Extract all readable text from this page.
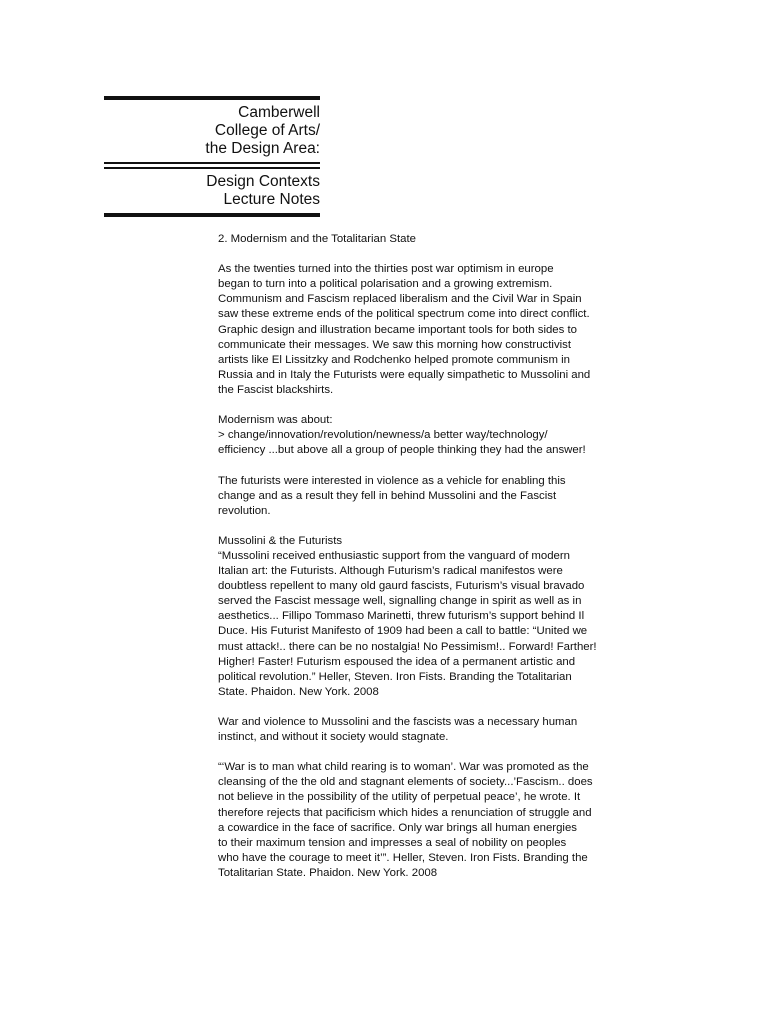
Camberwell
College of Arts/
the Design Area:
Design Contexts
Lecture Notes

2. Modernism and the Totalitarian State

As the twenties turned into the thirties post war optimism in europe
began to turn into a political polarisation and a growing extremism.
Communism and Fascism replaced liberalism and the Civil War in Spain
saw these extreme ends of the political spectrum come into direct conflict.
Graphic design and illustration became important tools for both sides to
communicate their messages. We saw this morning how constructivist
artists like El Lissitzky and Rodchenko helped promote communism in
Russia and in Italy the Futurists were equally simpathetic to Mussolini and
the Fascist blackshirts.

Modernism was about:
> change/innovation/revolution/newness/a better way/technology/
efficiency ...but above all a group of people thinking they had the answer!

The futurists were interested in violence as a vehicle for enabling this
change and as a result they fell in behind Mussolini and the Fascist
revolution.

Mussolini & the Futurists
“Mussolini received enthusiastic support from the vanguard of modern
Italian art: the Futurists. Although Futurism’s radical manifestos were
doubtless repellent to many old gaurd fascists, Futurism’s visual bravado
served the Fascist message well, signalling change in spirit as well as in
aesthetics... Fillipo Tommaso Marinetti, threw futurism’s support behind Il
Duce. His Futurist Manifesto of 1909 had been a call to battle: “United we
must attack!.. there can be no nostalgia! No Pessimism!.. Forward! Farther!
Higher! Faster! Futurism espoused the idea of a permanent artistic and
political revolution.” Heller, Steven. Iron Fists. Branding the Totalitarian
State. Phaidon. New York. 2008

War and violence to Mussolini and the fascists was a necessary human
instinct, and without it society would stagnate.

“‘War is to man what child rearing is to woman’. War was promoted as the
cleansing of the the old and stagnant elements of society...’Fascism.. does
not believe in the possibility of the utility of perpetual peace’, he wrote. It
therefore rejects that pacificism which hides a renunciation of struggle and
a cowardice in the face of sacrifice. Only war brings all human energies
to their maximum tension and impresses a seal of nobility on peoples
who have the courage to meet it’”. Heller, Steven. Iron Fists. Branding the
Totalitarian State. Phaidon. New York. 2008
